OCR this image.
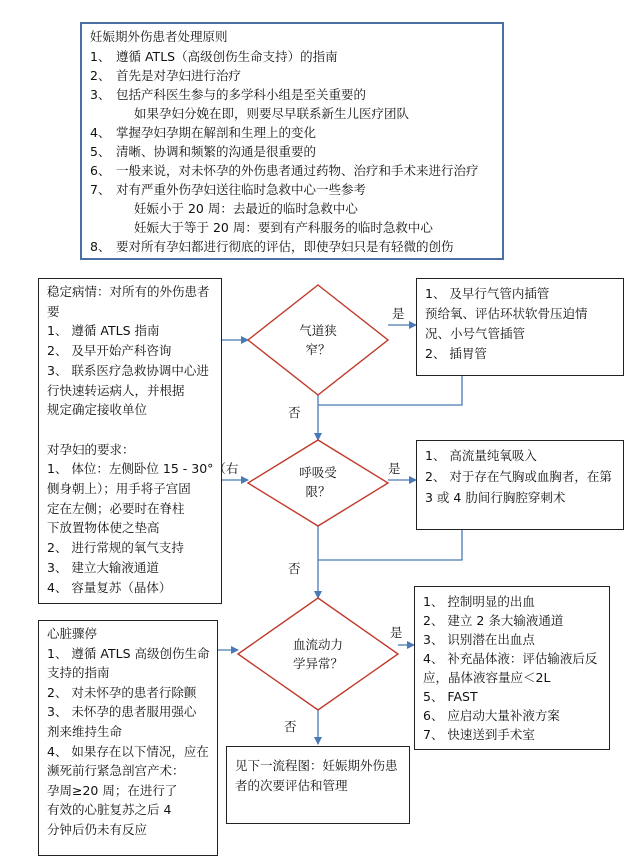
妊娠期外伤患者处理原则
1、 遵循 ATLS（高级创伤生命支持）的指南
2、 首先是对孕妇进行治疗
3、 包括产科医生参与的多学科小组是至关重要的
如果孕妇分娩在即，则要尽早联系新生儿医疗团队
4、 掌握孕妇孕期在解剖和生理上的变化
5、 清晰、协调和频繁的沟通是很重要的
6、 一般来说，对未怀孕的外伤患者通过药物、治疗和手术来进行治疗
7、 对有严重外伤孕妇送往临时急救中心一些参考
妊娠小于 20 周：去最近的临时急救中心
妊娠大于等于 20 周：要到有产科服务的临时急救中心
8、 要对所有孕妇都进行彻底的评估，即使孕妇只是有轻微的创伤
稳定病情：对所有的外伤患者
要
1、 遵循 ATLS 指南
2、 及早开始产科咨询
3、 联系医疗急救协调中心进
行快速转运病人，并根据
规定确定接收单位
对孕妇的要求：
1、 体位：左侧卧位 15 - 30°（右
侧身朝上）；用手将子宫固
定在左侧；必要时在脊柱
下放置物体使之垫高
2、 进行常规的氧气支持
3、 建立大输液通道
4、 容量复苏（晶体）
心脏骤停
1、 遵循 ATLS 高级创伤生命
支持的指南
2、 对未怀孕的患者行除颤
3、 未怀孕的患者服用强心
剂来维持生命
4、 如果存在以下情况，应在
濒死前行紧急剖宫产术：
孕周≥20 周；在进行了
有效的心脏复苏之后 4
分钟后仍未有反应
1、 及早行气管内插管
预给氧、评估环状软骨压迫情
况、小号气管插管
2、 插胃管
1、 高流量纯氧吸入
2、 对于存在气胸或血胸者，在第
3 或 4 肋间行胸腔穿刺术
1、 控制明显的出血
2、 建立 2 条大输液通道
3、 识别潜在出血点
4、 补充晶体液：评估输液后反
应，晶体液容量应＜2L
5、 FAST
6、 应启动大量补液方案
7、 快速送到手术室
见下一流程图：妊娠期外伤患
者的次要评估和管理
气道狭
窄？
呼吸受
限？
血流动力
学异常？
是
否
是
否
是
否
